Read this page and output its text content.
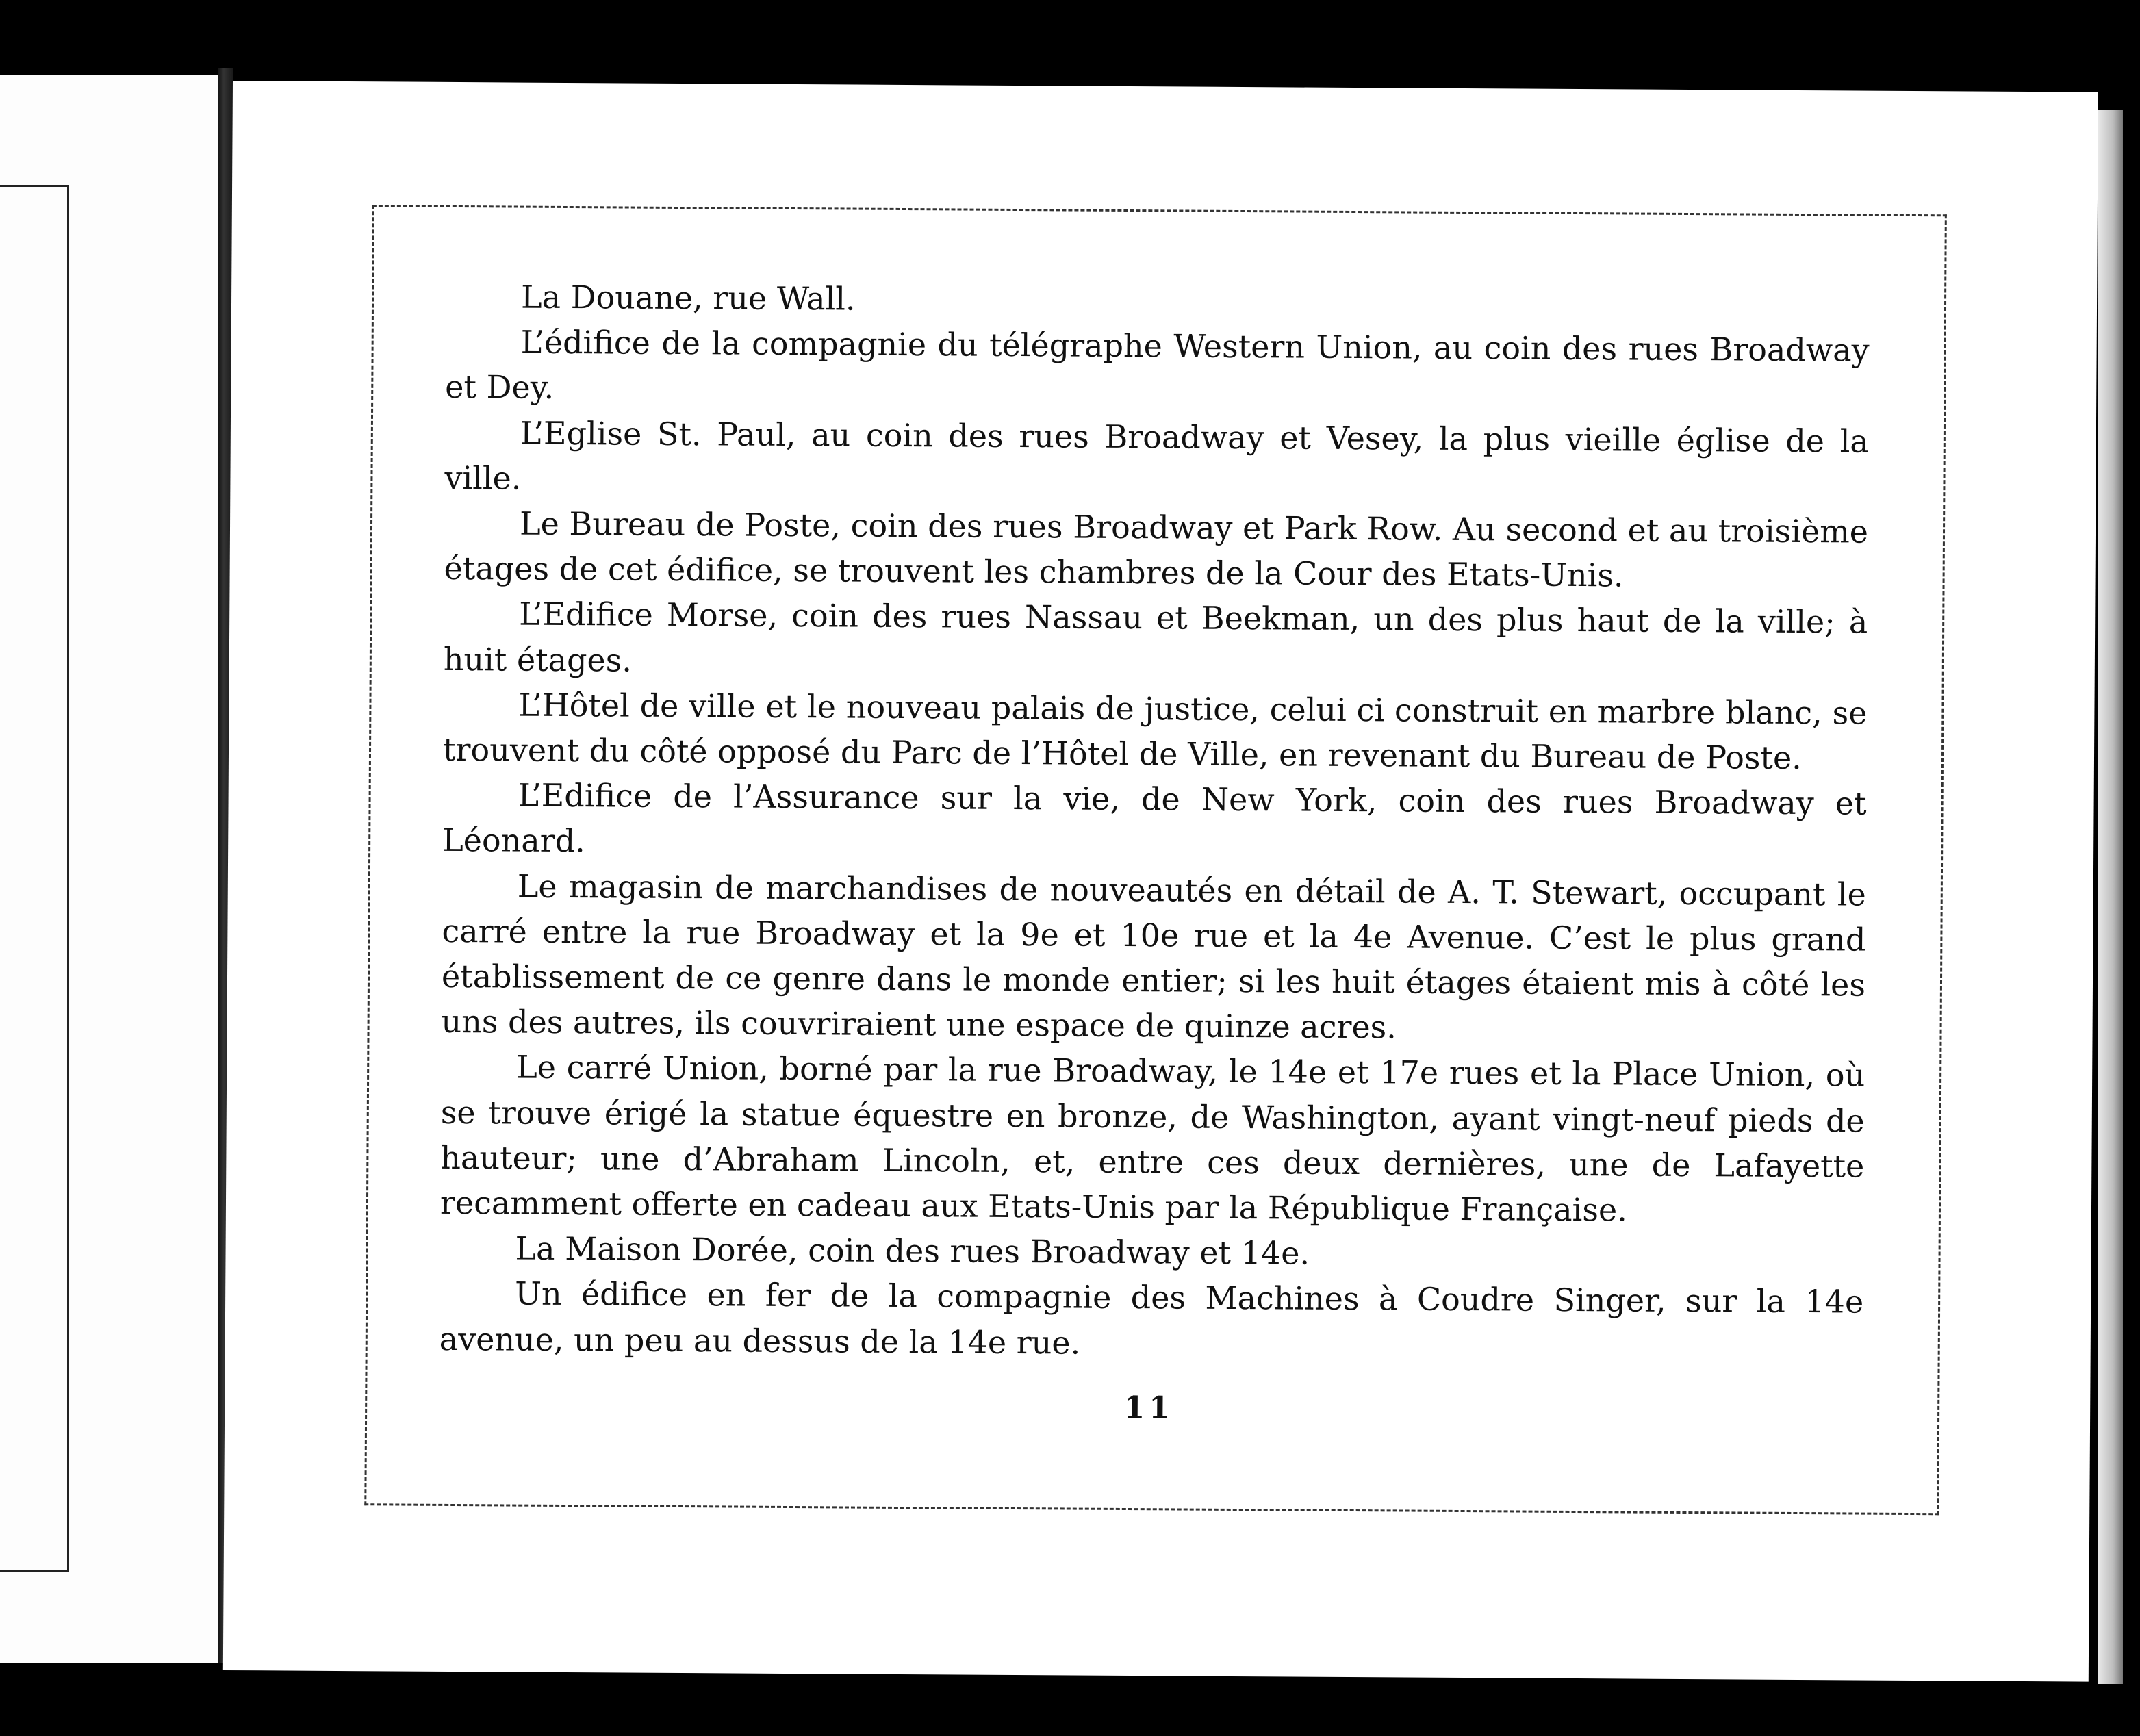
La Douane, rue Wall.

L’édifice de la compagnie du télégraphe Western Union, au coin des rues Broadway et Dey.

L’Eglise St. Paul, au coin des rues Broadway et Vesey, la plus vieille église de la ville.

Le Bureau de Poste, coin des rues Broadway et Park Row. Au second et au troisième étages de cet édifice, se trouvent les chambres de la Cour des Etats-Unis.

L’Edifice Morse, coin des rues Nassau et Beekman, un des plus haut de la ville; à huit étages.

L’Hôtel de ville et le nouveau palais de justice, celui ci construit en marbre blanc, se trouvent du côté opposé du Parc de l’Hôtel de Ville, en revenant du Bureau de Poste.

L’Edifice de l’Assurance sur la vie, de New York, coin des rues Broadway et Léonard.

Le magasin de marchandises de nouveautés en détail de A. T. Stewart, occupant le carré entre la rue Broadway et la 9e et 10e rue et la 4e Avenue. C’est le plus grand établissement de ce genre dans le monde entier; si les huit étages étaient mis à côté les uns des autres, ils couvriraient une espace de quinze acres.

Le carré Union, borné par la rue Broadway, le 14e et 17e rues et la Place Union, où se trouve érigé la statue équestre en bronze, de Washington, ayant vingt-neuf pieds de hauteur; une d’Abraham Lincoln, et, entre ces deux dernières, une de Lafayette recamment offerte en cadeau aux Etats-Unis par la République Française.

La Maison Dorée, coin des rues Broadway et 14e.

Un édifice en fer de la compagnie des Machines à Coudre Singer, sur la 14e avenue, un peu au dessus de la 14e rue.

11
